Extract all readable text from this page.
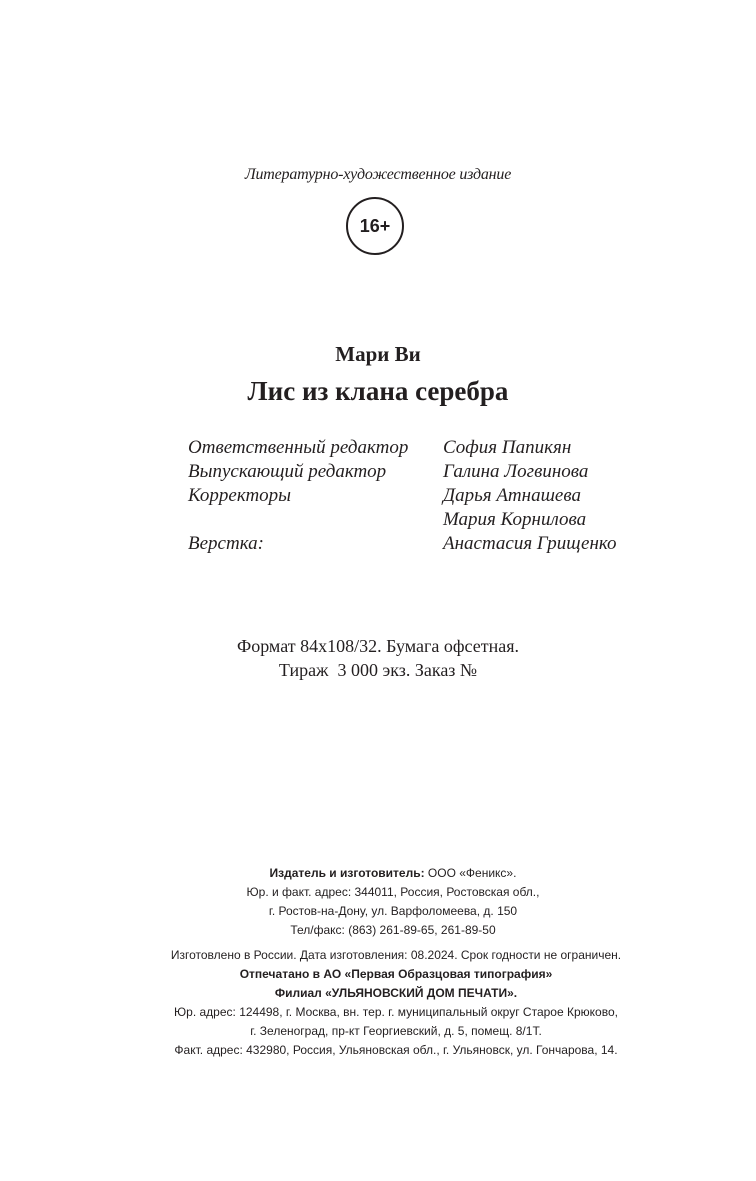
Литературно-художественное издание
16+
Мари Ви
Лис из клана серебра
Ответственный редактор	София Папикян
Выпускающий редактор	Галина Логвинова
Корректоры	Дарья Атнашева
Мария Корнилова
Верстка:	Анастасия Грищенко
Формат 84х108/32. Бумага офсетная.
Тираж  3 000 экз. Заказ №
Издатель и изготовитель: ООО «Феникс».
Юр. и факт. адрес: 344011, Россия, Ростовская обл.,
г. Ростов-на-Дону, ул. Варфоломеева, д. 150
Тел/факс: (863) 261-89-65, 261-89-50
Изготовлено в России. Дата изготовления: 08.2024. Срок годности не ограничен.
Отпечатано в АО «Первая Образцовая типография»
Филиал «УЛЬЯНОВСКИЙ ДОМ ПЕЧАТИ».
Юр. адрес: 124498, г. Москва, вн. тер. г. муниципальный округ Старое Крюково,
г. Зеленоград, пр-кт Георгиевский, д. 5, помещ. 8/1Т.
Факт. адрес: 432980, Россия, Ульяновская обл., г. Ульяновск, ул. Гончарова, 14.
